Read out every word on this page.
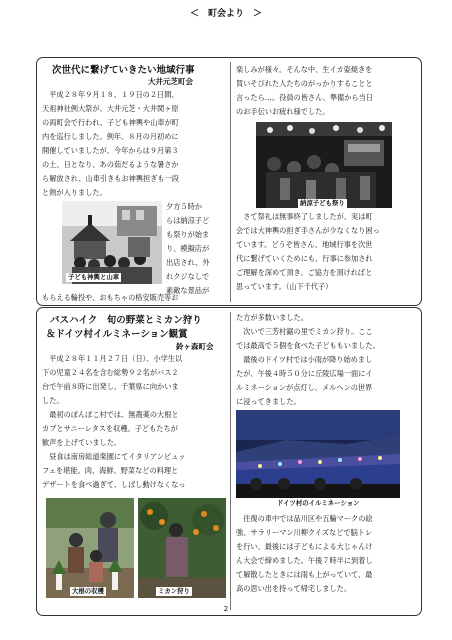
＜　町会より　＞
次世代に繋げていきたい地域行事
大井元芝町会
　平成２８年９月１８、１９日の２日間、
天祖神社例大祭が、大井元芝・大井関ヶ原
の両町会で行われ、子ども神輿や山車が町
内を巡行しました。例年、８月の月初めに
開催していましたが、今年からは９月第３
の土、日となり、あの茹だるような暑さか
ら解放され、山車引きもお神輿担ぎも一段
と熱が入りました。
子ども神輿と山車
夕方５時か
らは納涼子ど
も祭りが始ま
り、模擬店が
出店され、外
れクジなしで
素敵な景品が
もらえる輪投や、おもちゃの格安販売等お
楽しみが様々。そんな中、生イカ姿焼きを
買いそびれた人たちのがっかりすることと
言ったら…。役員の皆さん、準備から当日
のお手伝いお疲れ様でした。
納涼子ども祭り
　さて祭礼は無事終了しましたが、実は町
会では大神輿の担ぎ手さんが少なくなり困っ
ています。どうぞ皆さん、地域行事を次世
代に繋げていくためにも、行事に参加され
ご理解を深めて頂き、ご協力を頂ければと
思っています。（山下千代子）
バスハイク　旬の野菜とミカン狩り
＆ドイツ村イルミネーション観賞
鈴ヶ森町会
　平成２８年１１月２７日（日）、小学生以
下の児童２４名を含む総勢９２名がバス２
台で午前８時に出発し、千葉県に向かいま
した。
　最初のぽんぽこ村では、無農薬の大根と
カブとサニーレタスを収穫。子どもたちが
歓声を上げていました。
　昼食は南房総道楽園にてイタリアンビュッ
フェを堪能。肉、海鮮、野菜などの料理と
デザートを食べ過ぎて、しばし動けなくなっ
大根の収穫	ミカン狩り
た方が多数いました。
　次いで三芳村鋸の里でミカン狩り。ここ
では最高で５個を食べた子どももいました。
　最後のドイツ村では小雨が降り始めまし
たが、午後４時５０分に丘陵広場一面にイ
ルミネーションが点灯し、メルヘンの世界
に浸ってきました。
ドイツ村のイルミネーション
　往復の車中では品川区や五輪マークの絵
強、サラリーマン川柳クイズなどで脳トレ
を行い、最後には子どもによる大じゃんけ
ん大会で締めました。午後７時半に到着し
て解散したときには雨も上がっていて、最
高の思い出を持って帰宅しました。
2
